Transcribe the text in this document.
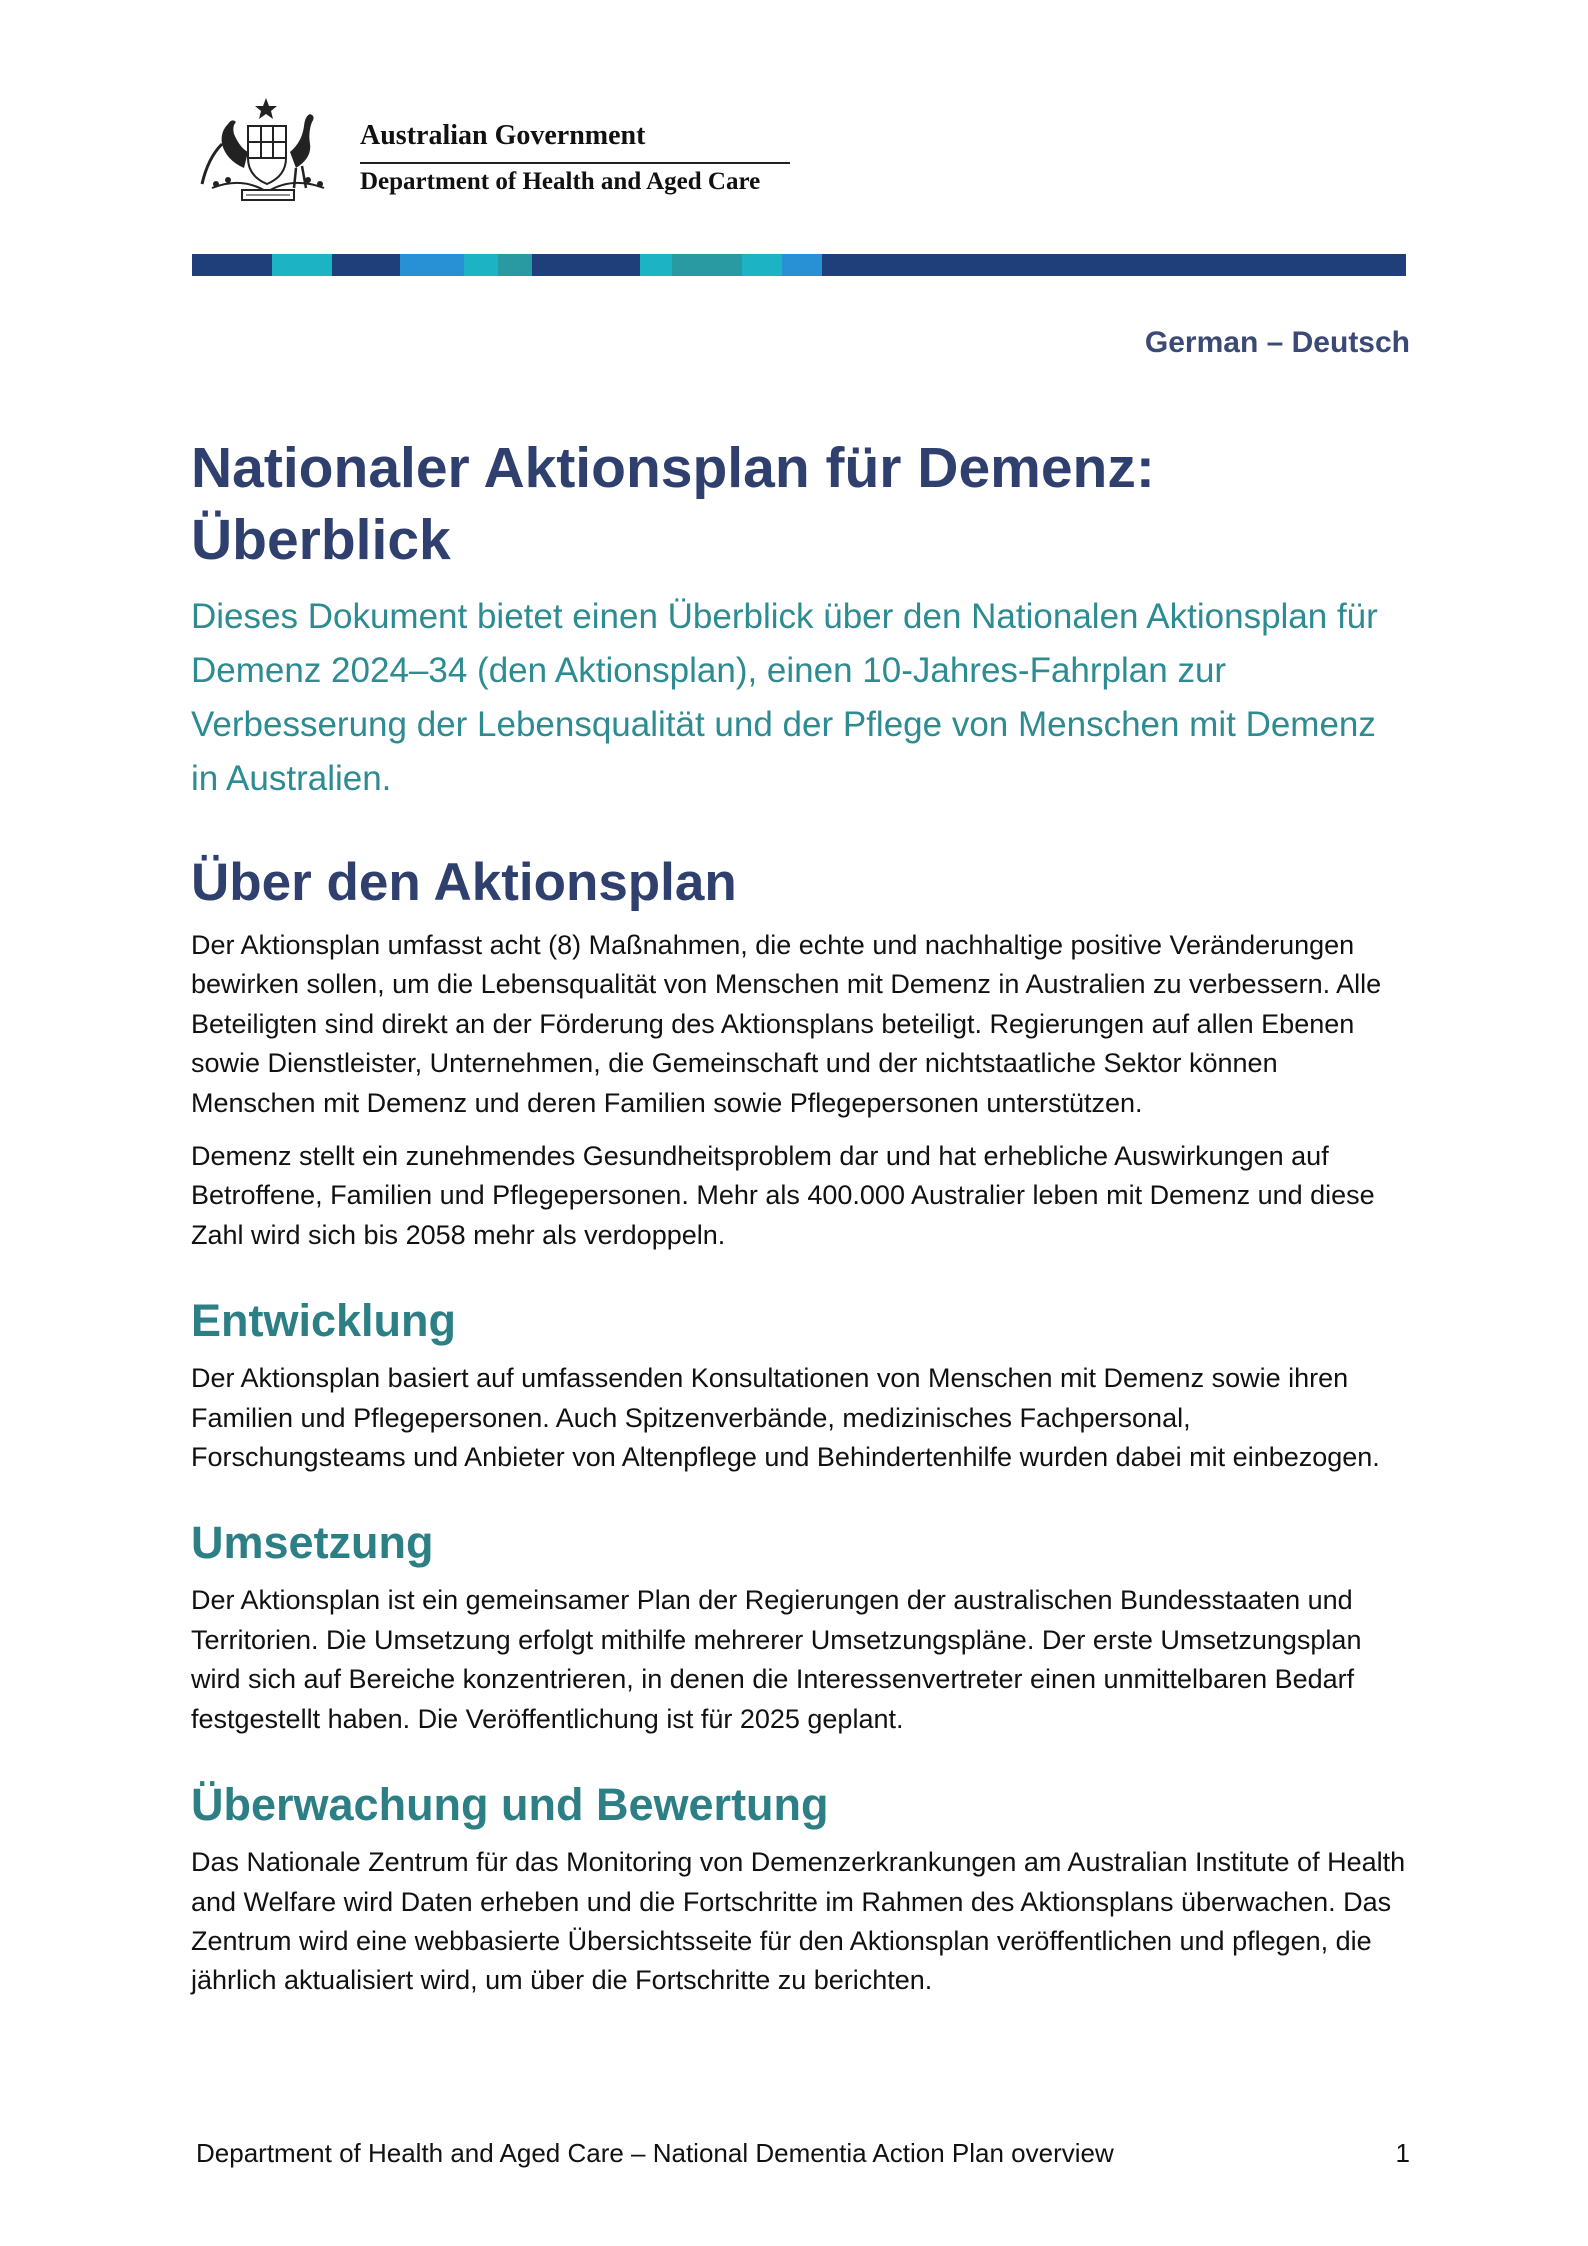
Australian Government
Department of Health and Aged Care
German – Deutsch
Nationaler Aktionsplan für Demenz: Überblick

Dieses Dokument bietet einen Überblick über den Nationalen Aktionsplan für Demenz 2024–34 (den Aktionsplan), einen 10-Jahres-Fahrplan zur Verbesserung der Lebensqualität und der Pflege von Menschen mit Demenz in Australien.

Über den Aktionsplan

Der Aktionsplan umfasst acht (8) Maßnahmen, die echte und nachhaltige positive Veränderungen bewirken sollen, um die Lebensqualität von Menschen mit Demenz in Australien zu verbessern. Alle Beteiligten sind direkt an der Förderung des Aktionsplans beteiligt. Regierungen auf allen Ebenen sowie Dienstleister, Unternehmen, die Gemeinschaft und der nichtstaatliche Sektor können Menschen mit Demenz und deren Familien sowie Pflegepersonen unterstützen.

Demenz stellt ein zunehmendes Gesundheitsproblem dar und hat erhebliche Auswirkungen auf Betroffene, Familien und Pflegepersonen. Mehr als 400.000 Australier leben mit Demenz und diese Zahl wird sich bis 2058 mehr als verdoppeln.

Entwicklung

Der Aktionsplan basiert auf umfassenden Konsultationen von Menschen mit Demenz sowie ihren Familien und Pflegepersonen. Auch Spitzenverbände, medizinisches Fachpersonal, Forschungsteams und Anbieter von Altenpflege und Behindertenhilfe wurden dabei mit einbezogen.

Umsetzung

Der Aktionsplan ist ein gemeinsamer Plan der Regierungen der australischen Bundesstaaten und Territorien. Die Umsetzung erfolgt mithilfe mehrerer Umsetzungspläne. Der erste Umsetzungsplan wird sich auf Bereiche konzentrieren, in denen die Interessenvertreter einen unmittelbaren Bedarf festgestellt haben. Die Veröffentlichung ist für 2025 geplant.

Überwachung und Bewertung

Das Nationale Zentrum für das Monitoring von Demenzerkrankungen am Australian Institute of Health and Welfare wird Daten erheben und die Fortschritte im Rahmen des Aktionsplans überwachen. Das Zentrum wird eine webbasierte Übersichtsseite für den Aktionsplan veröffentlichen und pflegen, die jährlich aktualisiert wird, um über die Fortschritte zu berichten.

Department of Health and Aged Care – National Dementia Action Plan overview	1
